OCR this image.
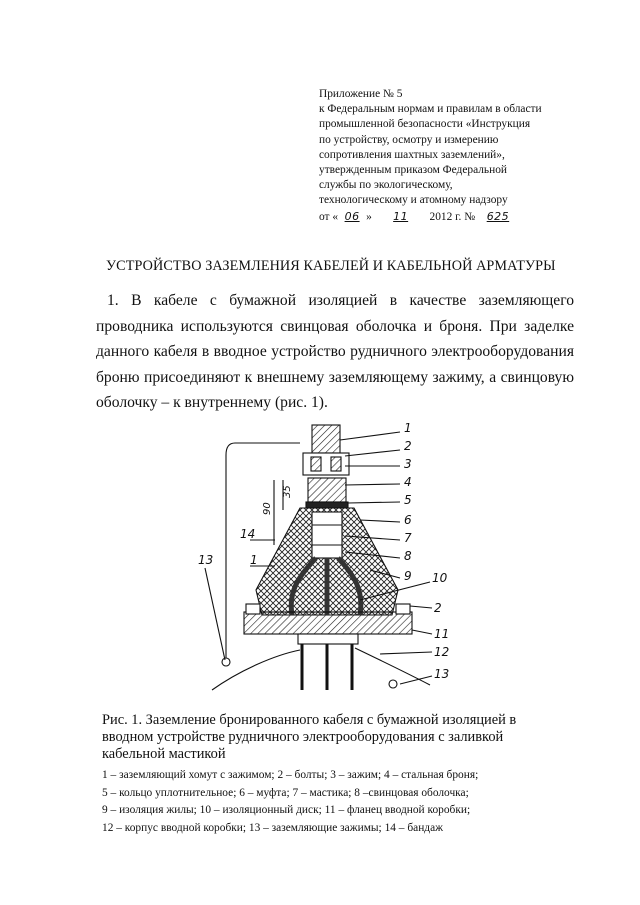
Приложение № 5
к Федеральным нормам и правилам в области
промышленной безопасности «Инструкция
по устройству, осмотру и измерению
сопротивления шахтных заземлений»,
утвержденным приказом Федеральной
службы по экологическому,
технологическому и атомному надзору
от « 06 » 11 2012 г. № 625
УСТРОЙСТВО ЗАЗЕМЛЕНИЯ КАБЕЛЕЙ И КАБЕЛЬНОЙ АРМАТУРЫ
1. В кабеле с бумажной изоляцией в качестве заземляющего проводника используются свинцовая оболочка и броня. При заделке данного кабеля в вводное устройство рудничного электрооборудования броню присоединяют к внешнему заземляющему зажиму, а свинцовую оболочку – к внутреннему (рис. 1).
1
2
3
4
5
6
7
8
9 10
2
11
12
13
13
14
1
35
90
Рис. 1. Заземление бронированного кабеля с бумажной изоляцией в вводном устройстве рудничного электрооборудования с заливкой кабельной мастикой
1 – заземляющий хомут с зажимом; 2 – болты; 3 – зажим; 4 – стальная броня;
5 – кольцо уплотнительное; 6 – муфта; 7 – мастика; 8 –свинцовая оболочка;
9 – изоляция жилы; 10 – изоляционный диск; 11 – фланец вводной коробки;
12 – корпус вводной коробки; 13 – заземляющие зажимы; 14 – бандаж
